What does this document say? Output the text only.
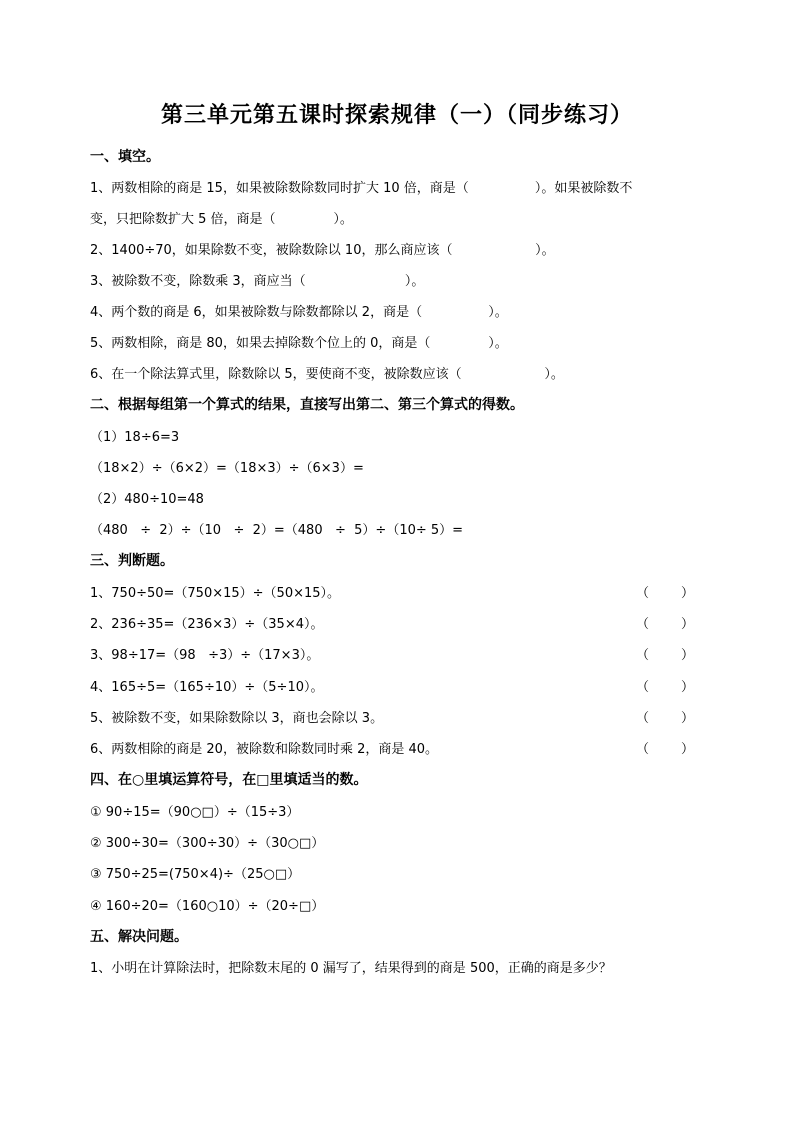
第三单元第五课时探索规律（一）（同步练习）
一、填空。
1、两数相除的商是 15，如果被除数除数同时扩大 10 倍，商是（                ）。如果被除数不
变，只把除数扩大 5 倍，商是（              ）。
2、1400÷70，如果除数不变，被除数除以 10，那么商应该（                    ）。
3、被除数不变，除数乘 3，商应当（                        ）。
4、两个数的商是 6，如果被除数与除数都除以 2，商是（                ）。
5、两数相除，商是 80，如果去掉除数个位上的 0，商是（              ）。
6、在一个除法算式里，除数除以 5，要使商不变，被除数应该（                    ）。
二、根据每组第一个算式的结果，直接写出第二、第三个算式的得数。
（1）18÷6=3
（18×2）÷（6×2）=（18×3）÷（6×3）=
（2）480÷10=48
（480   ÷  2）÷（10   ÷  2）=（480   ÷  5）÷（10÷ 5）=
三、判断题。
1、750÷50=（750×15）÷（50×15）。	（ ）
2、236÷35=（236×3）÷（35×4）。	（ ）
3、98÷17=（98   ÷3）÷（17×3）。	（ ）
4、165÷5=（165÷10）÷（5÷10）。	（ ）
5、被除数不变，如果除数除以 3，商也会除以 3。	（ ）
6、两数相除的商是 20，被除数和除数同时乘 2，商是 40。	（ ）
四、在○里填运算符号，在□里填适当的数。
① 90÷15=（90○□）÷（15÷3）
② 300÷30=（300÷30）÷（30○□）
③ 750÷25=(750×4)÷（25○□）
④ 160÷20=（160○10）÷（20÷□）
五、解决问题。
1、小明在计算除法时，把除数末尾的 0 漏写了，结果得到的商是 500，正确的商是多少？
